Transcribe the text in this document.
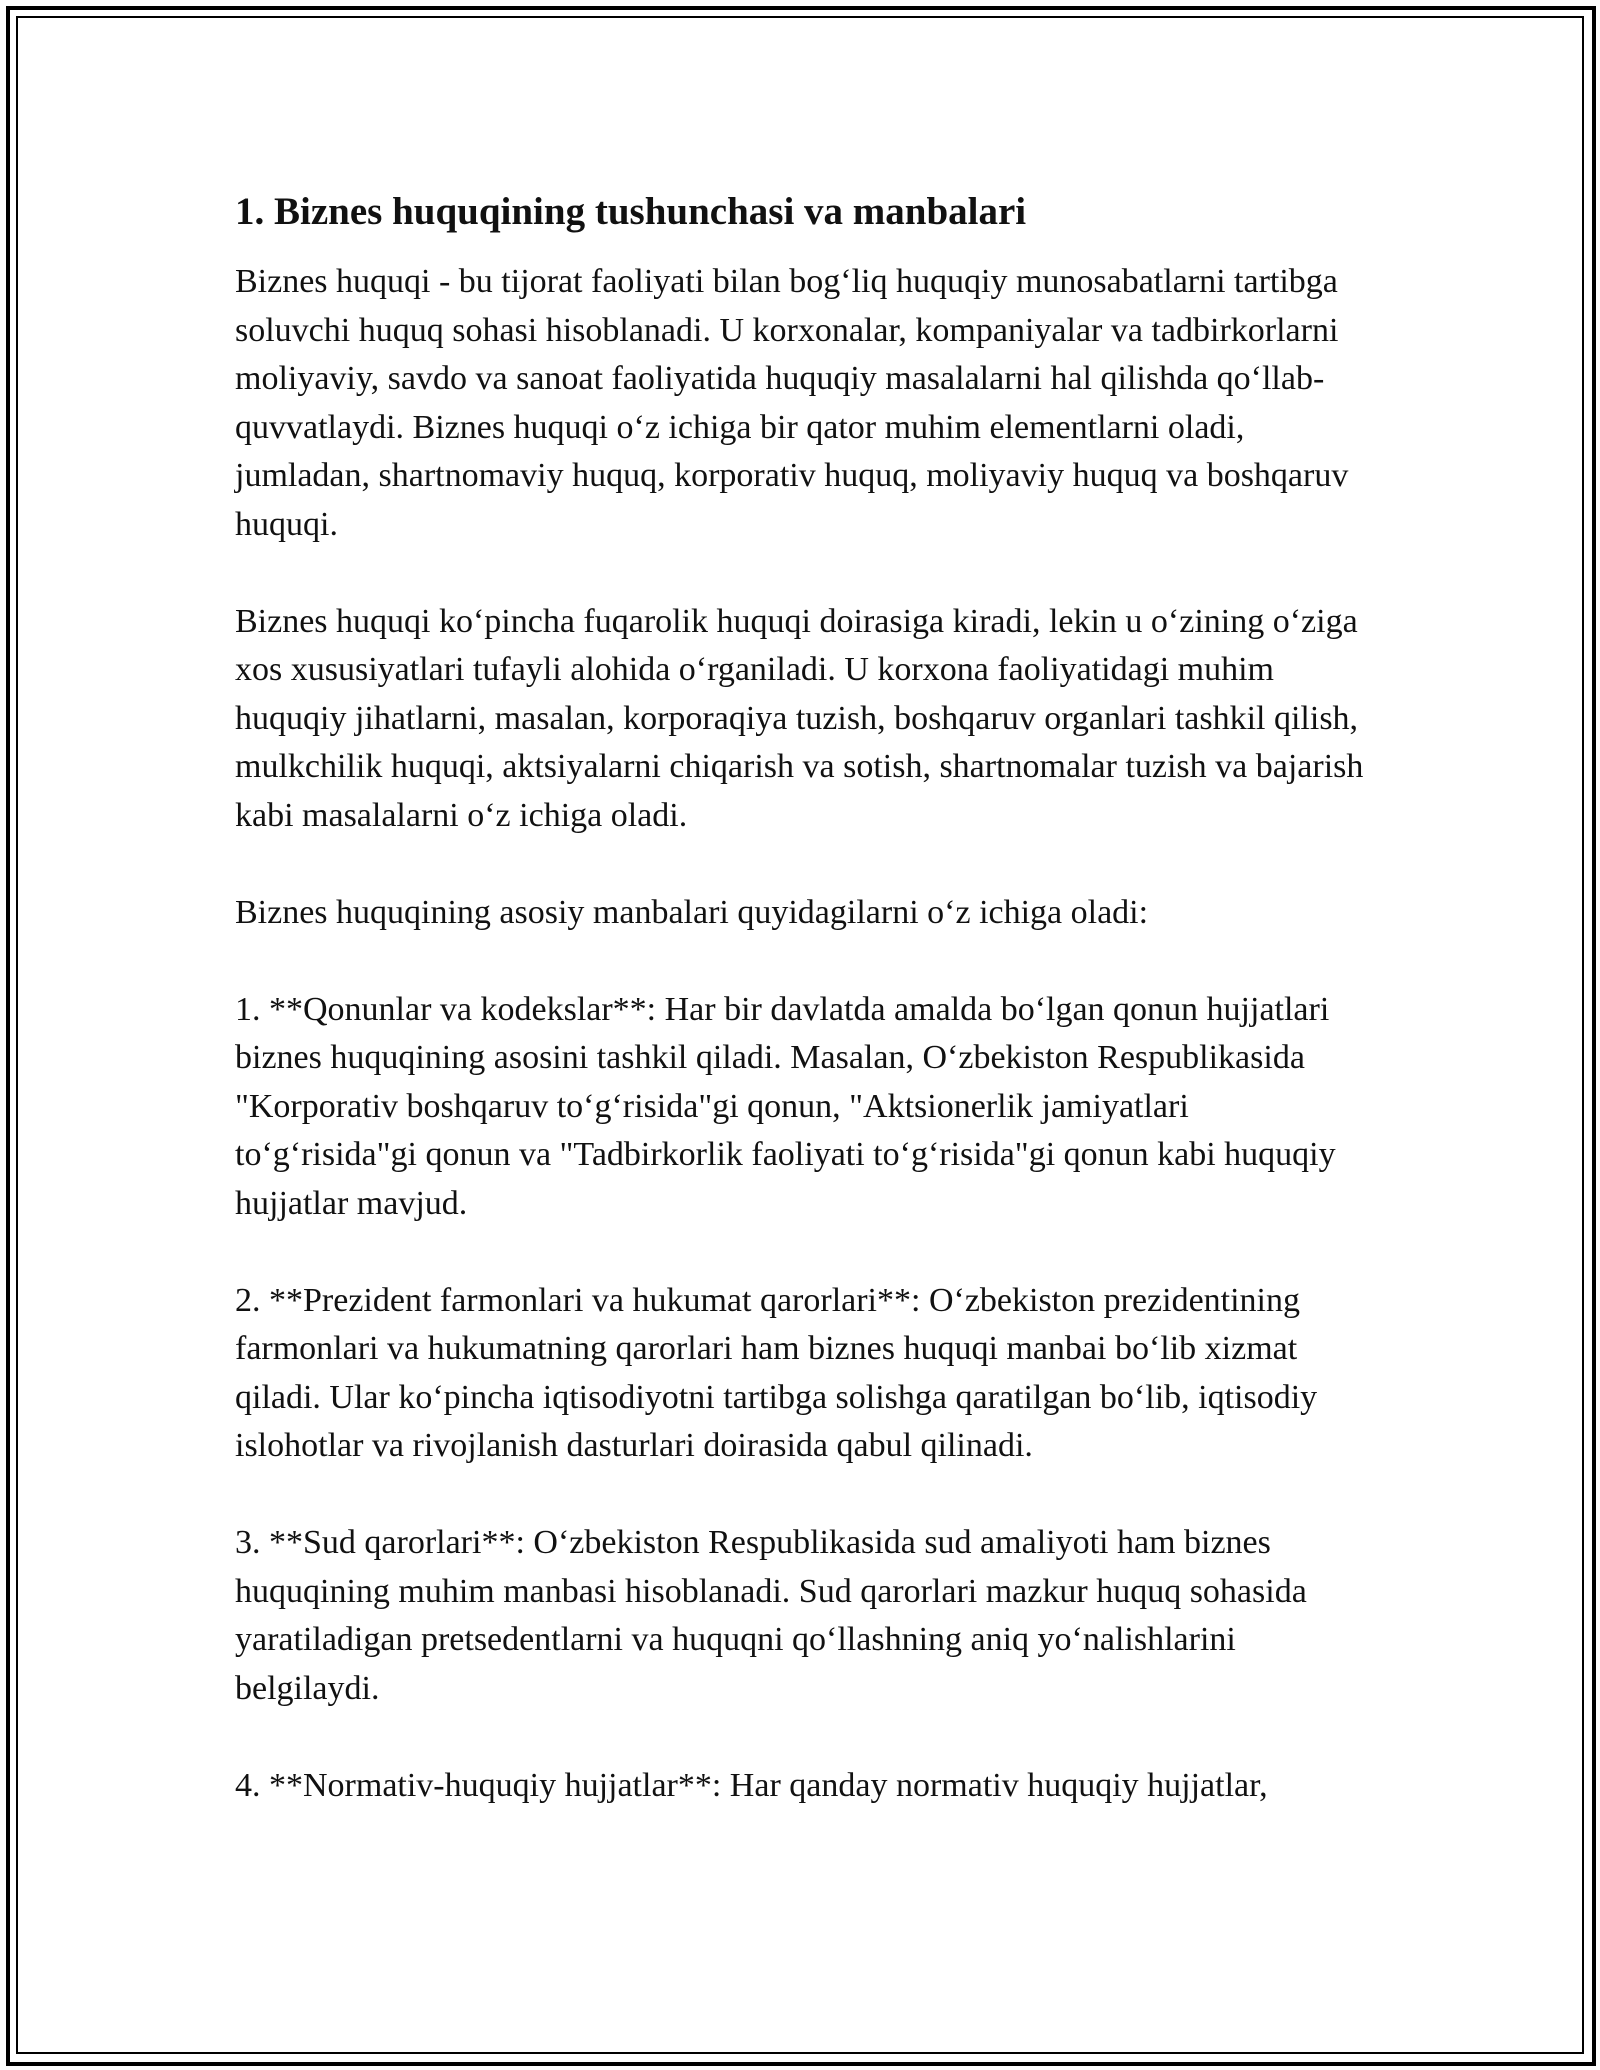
1. Biznes huquqining tushunchasi va manbalari

Biznes huquqi - bu tijorat faoliyati bilan bog‘liq huquqiy munosabatlarni tartibga soluvchi huquq sohasi hisoblanadi. U korxonalar, kompaniyalar va tadbirkorlarni moliyaviy, savdo va sanoat faoliyatida huquqiy masalalarni hal qilishda qo‘llab-quvvatlaydi. Biznes huquqi o‘z ichiga bir qator muhim elementlarni oladi, jumladan, shartnomaviy huquq, korporativ huquq, moliyaviy huquq va boshqaruv huquqi.

Biznes huquqi ko‘pincha fuqarolik huquqi doirasiga kiradi, lekin u o‘zining o‘ziga xos xususiyatlari tufayli alohida o‘rganiladi. U korxona faoliyatidagi muhim huquqiy jihatlarni, masalan, korporaqiya tuzish, boshqaruv organlari tashkil qilish, mulkchilik huquqi, aktsiyalarni chiqarish va sotish, shartnomalar tuzish va bajarish kabi masalalarni o‘z ichiga oladi.

Biznes huquqining asosiy manbalari quyidagilarni o‘z ichiga oladi:

1. **Qonunlar va kodekslar**: Har bir davlatda amalda bo‘lgan qonun hujjatlari biznes huquqining asosini tashkil qiladi. Masalan, O‘zbekiston Respublikasida "Korporativ boshqaruv to‘g‘risida"gi qonun, "Aktsionerlik jamiyatlari to‘g‘risida"gi qonun va "Tadbirkorlik faoliyati to‘g‘risida"gi qonun kabi huquqiy hujjatlar mavjud.

2. **Prezident farmonlari va hukumat qarorlari**: O‘zbekiston prezidentining farmonlari va hukumatning qarorlari ham biznes huquqi manbai bo‘lib xizmat qiladi. Ular ko‘pincha iqtisodiyotni tartibga solishga qaratilgan bo‘lib, iqtisodiy islohotlar va rivojlanish dasturlari doirasida qabul qilinadi.

3. **Sud qarorlari**: O‘zbekiston Respublikasida sud amaliyoti ham biznes huquqining muhim manbasi hisoblanadi. Sud qarorlari mazkur huquq sohasida yaratiladigan pretsedentlarni va huquqni qo‘llashning aniq yo‘nalishlarini belgilaydi.

4. **Normativ-huquqiy hujjatlar**: Har qanday normativ huquqiy hujjatlar,
